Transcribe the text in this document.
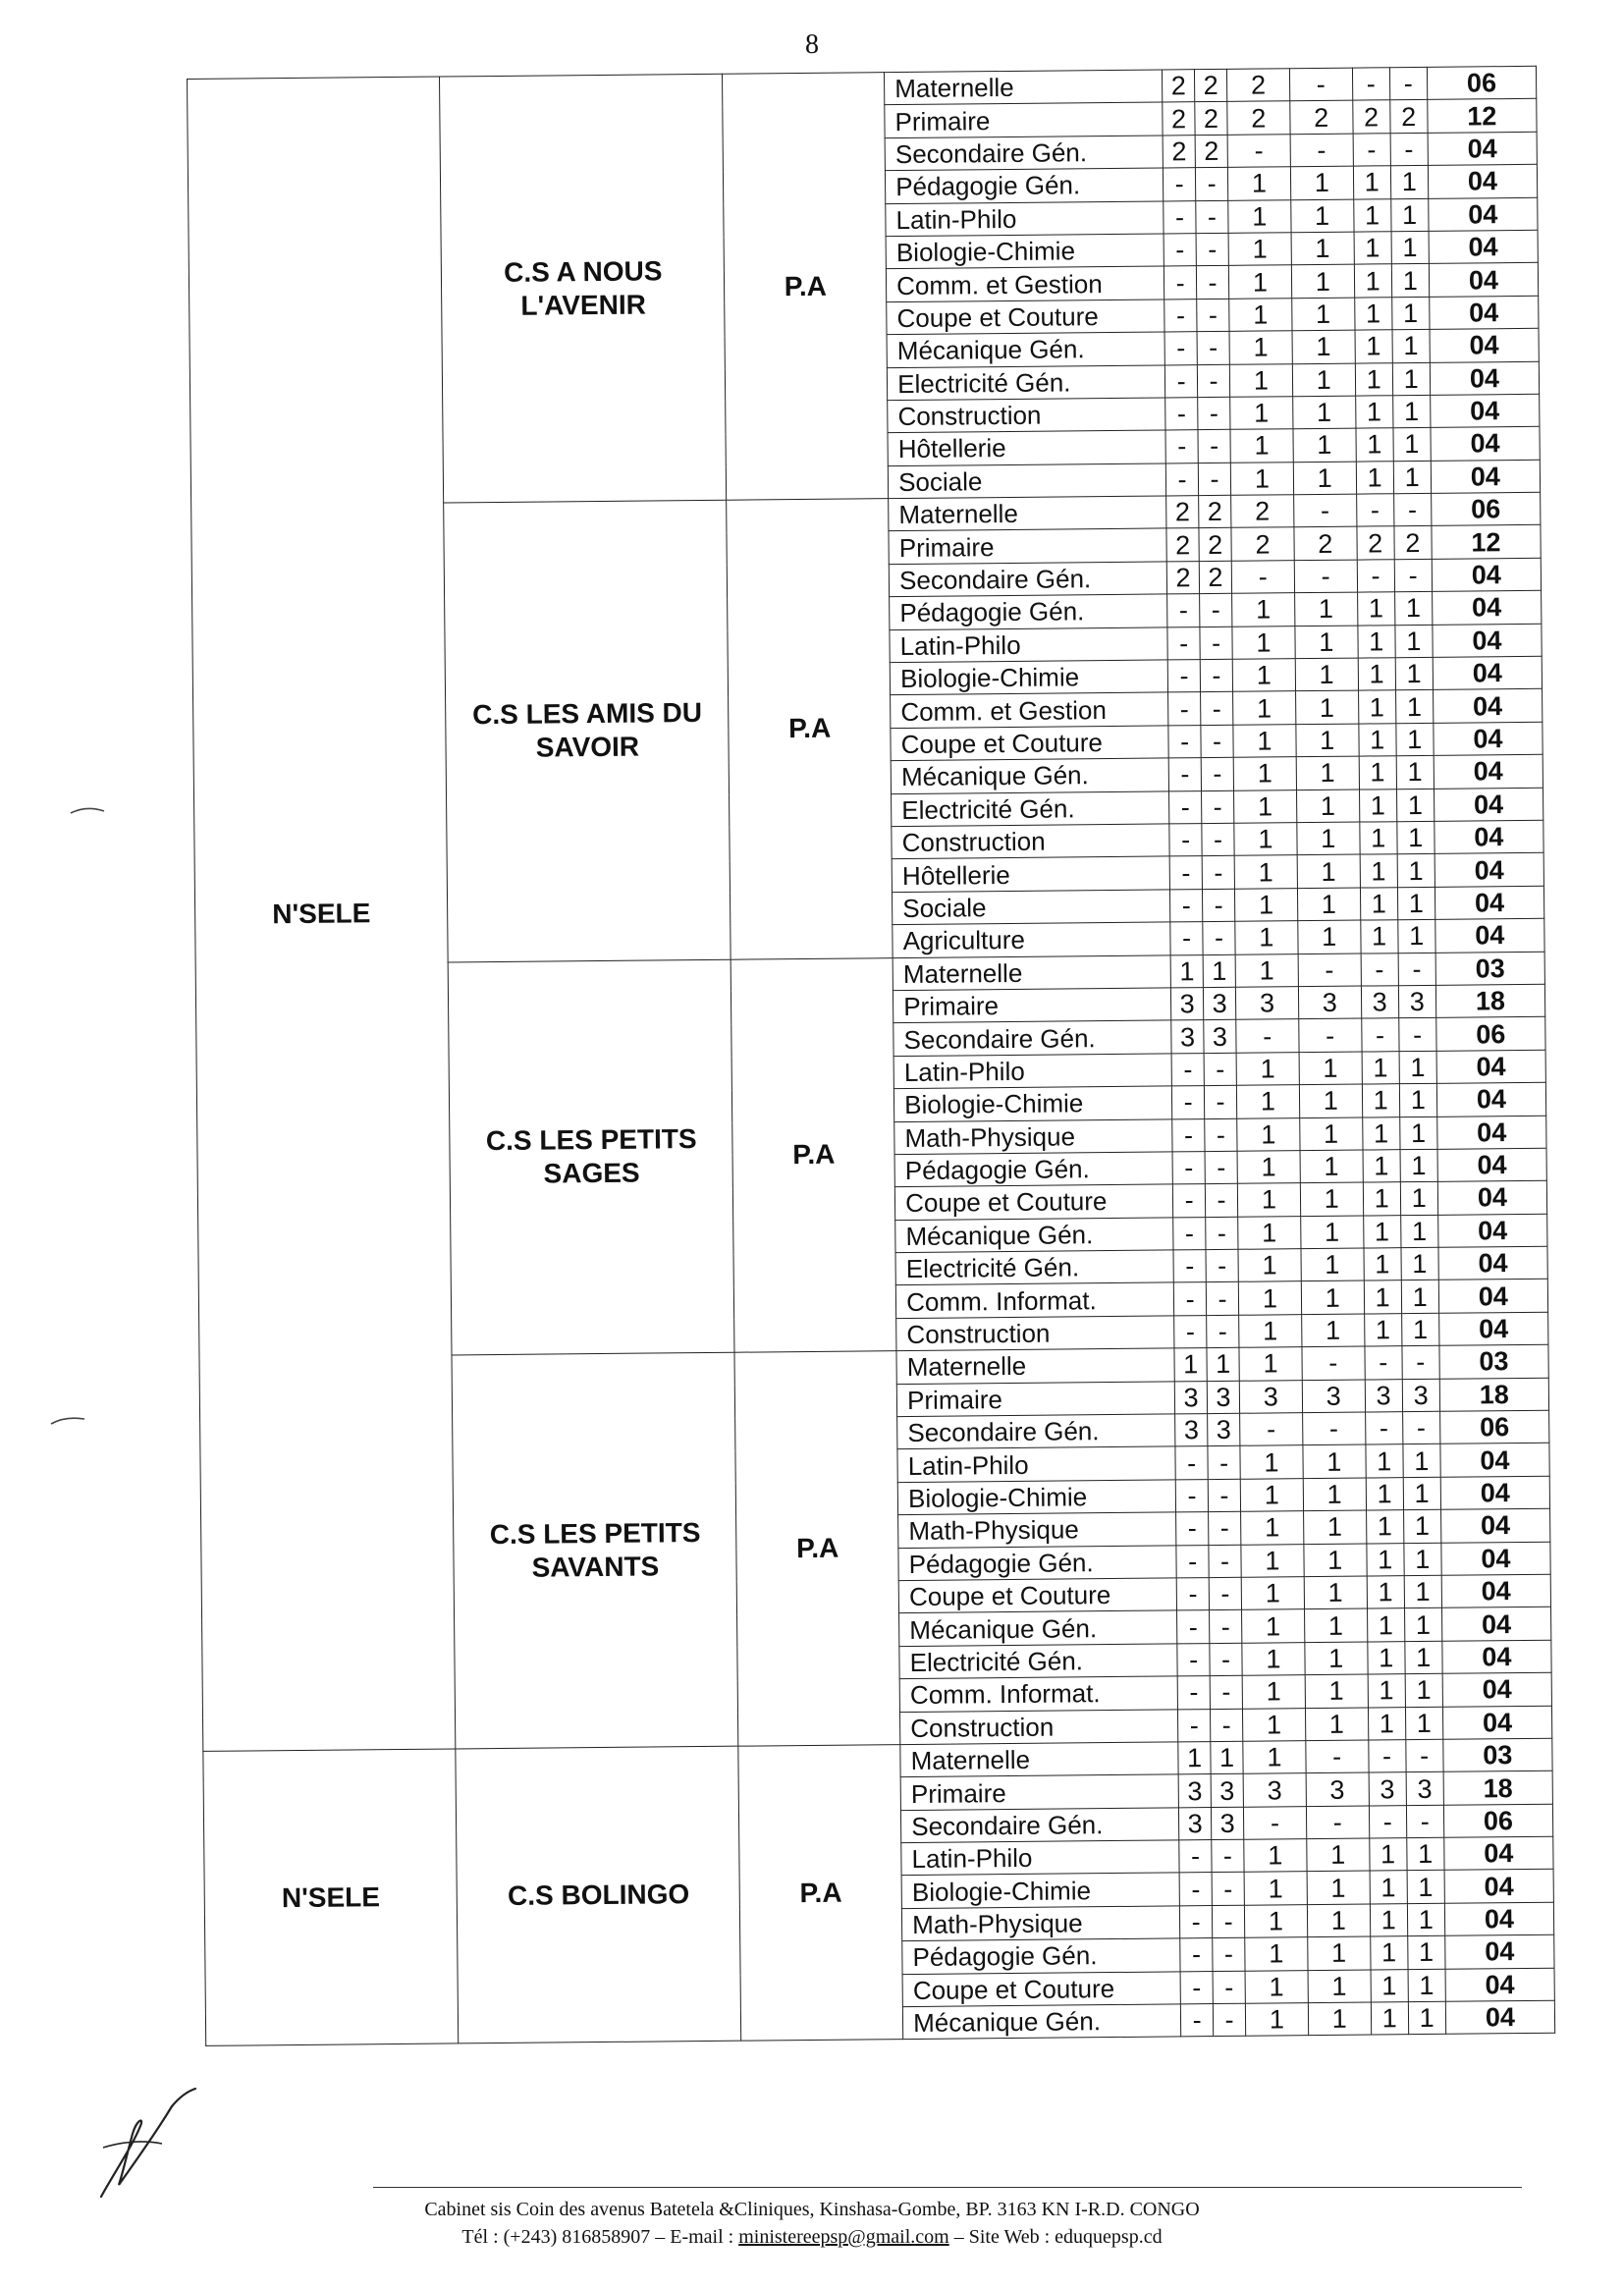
8
N'SELE	C.S A NOUS L'AVENIR	P.A	Maternelle	2	2	2	-	-	-	06
			Primaire	2	2	2	2	2	2	12
			Secondaire Gén.	2	2	-	-	-	-	04
			Pédagogie Gén.	-	-	1	1	1	1	04
			Latin-Philo	-	-	1	1	1	1	04
			Biologie-Chimie	-	-	1	1	1	1	04
			Comm. et Gestion	-	-	1	1	1	1	04
			Coupe et Couture	-	-	1	1	1	1	04
			Mécanique Gén.	-	-	1	1	1	1	04
			Electricité Gén.	-	-	1	1	1	1	04
			Construction	-	-	1	1	1	1	04
			Hôtellerie	-	-	1	1	1	1	04
			Sociale	-	-	1	1	1	1	04
	C.S LES AMIS DU SAVOIR	P.A	Maternelle	2	2	2	-	-	-	06
			Primaire	2	2	2	2	2	2	12
			Secondaire Gén.	2	2	-	-	-	-	04
			Pédagogie Gén.	-	-	1	1	1	1	04
			Latin-Philo	-	-	1	1	1	1	04
			Biologie-Chimie	-	-	1	1	1	1	04
			Comm. et Gestion	-	-	1	1	1	1	04
			Coupe et Couture	-	-	1	1	1	1	04
			Mécanique Gén.	-	-	1	1	1	1	04
			Electricité Gén.	-	-	1	1	1	1	04
			Construction	-	-	1	1	1	1	04
			Hôtellerie	-	-	1	1	1	1	04
			Sociale	-	-	1	1	1	1	04
			Agriculture	-	-	1	1	1	1	04
	C.S LES PETITS SAGES	P.A	Maternelle	1	1	1	-	-	-	03
			Primaire	3	3	3	3	3	3	18
			Secondaire Gén.	3	3	-	-	-	-	06
			Latin-Philo	-	-	1	1	1	1	04
			Biologie-Chimie	-	-	1	1	1	1	04
			Math-Physique	-	-	1	1	1	1	04
			Pédagogie Gén.	-	-	1	1	1	1	04
			Coupe et Couture	-	-	1	1	1	1	04
			Mécanique Gén.	-	-	1	1	1	1	04
			Electricité Gén.	-	-	1	1	1	1	04
			Comm. Informat.	-	-	1	1	1	1	04
			Construction	-	-	1	1	1	1	04
	C.S LES PETITS SAVANTS	P.A	Maternelle	1	1	1	-	-	-	03
			Primaire	3	3	3	3	3	3	18
			Secondaire Gén.	3	3	-	-	-	-	06
			Latin-Philo	-	-	1	1	1	1	04
			Biologie-Chimie	-	-	1	1	1	1	04
			Math-Physique	-	-	1	1	1	1	04
			Pédagogie Gén.	-	-	1	1	1	1	04
			Coupe et Couture	-	-	1	1	1	1	04
			Mécanique Gén.	-	-	1	1	1	1	04
			Electricité Gén.	-	-	1	1	1	1	04
			Comm. Informat.	-	-	1	1	1	1	04
			Construction	-	-	1	1	1	1	04
N'SELE	C.S BOLINGO	P.A	Maternelle	1	1	1	-	-	-	03
			Primaire	3	3	3	3	3	3	18
			Secondaire Gén.	3	3	-	-	-	-	06
			Latin-Philo	-	-	1	1	1	1	04
			Biologie-Chimie	-	-	1	1	1	1	04
			Math-Physique	-	-	1	1	1	1	04
			Pédagogie Gén.	-	-	1	1	1	1	04
			Coupe et Couture	-	-	1	1	1	1	04
			Mécanique Gén.	-	-	1	1	1	1	04
Cabinet sis Coin des avenus Batetela &Cliniques, Kinshasa-Gombe, BP. 3163 KN I-R.D. CONGO
Tél : (+243) 816858907 – E-mail : ministereepsp@gmail.com – Site Web : eduquepsp.cd
